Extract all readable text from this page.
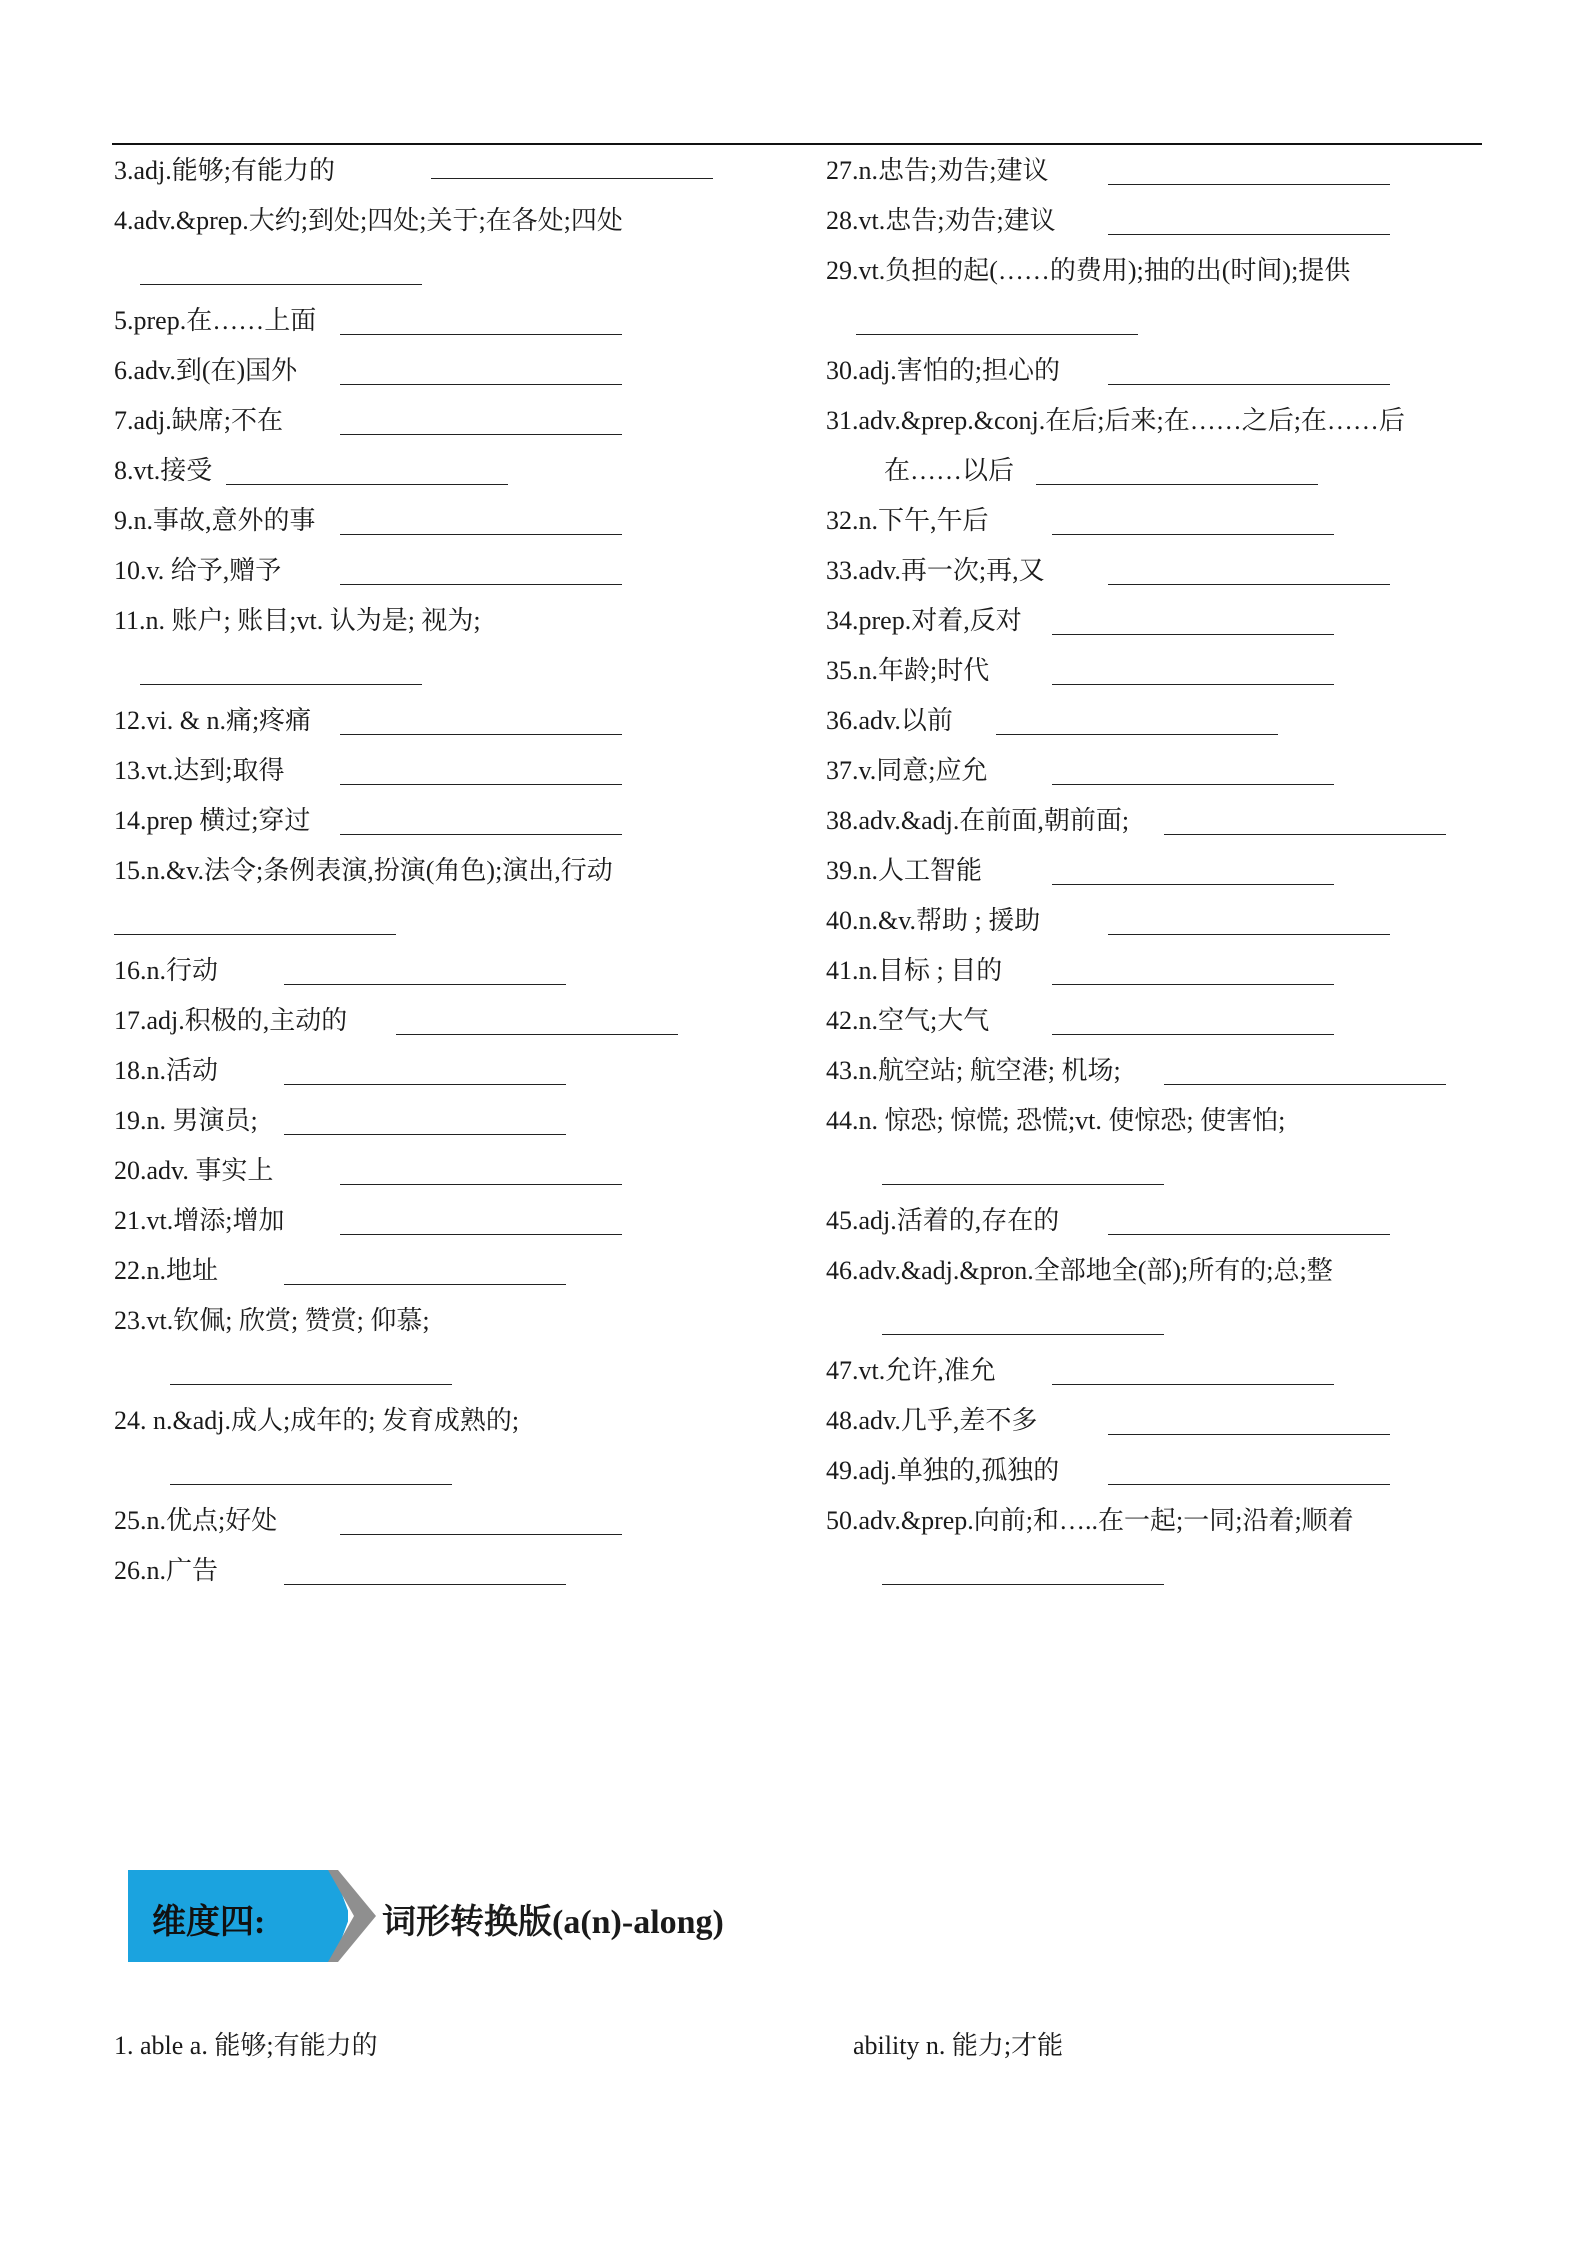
3.adj.能够;有能力的
4.adv.&prep.大约;到处;四处;关于;在各处;四处
5.prep.在……上面
6.adv.到(在)国外
7.adj.缺席;不在
8.vt.接受
9.n.事故,意外的事
10.v. 给予,赠予
11.n. 账户; 账目;vt. 认为是; 视为;
12.vi. & n.痛;疼痛
13.vt.达到;取得
14.prep 横过;穿过
15.n.&v.法令;条例表演,扮演(角色);演出,行动
16.n.行动
17.adj.积极的,主动的
18.n.活动
19.n. 男演员;
20.adv. 事实上
21.vt.增添;增加
22.n.地址
23.vt.钦佩; 欣赏; 赞赏; 仰慕;
24. n.&adj.成人;成年的; 发育成熟的;
25.n.优点;好处
26.n.广告
27.n.忠告;劝告;建议
28.vt.忠告;劝告;建议
29.vt.负担的起(……的费用);抽的出(时间);提供
30.adj.害怕的;担心的
31.adv.&prep.&conj.在后;后来;在……之后;在……后
在……以后
32.n.下午,午后
33.adv.再一次;再,又
34.prep.对着,反对
35.n.年龄;时代
36.adv.以前
37.v.同意;应允
38.adv.&adj.在前面,朝前面;
39.n.人工智能
40.n.&v.帮助 ; 援助
41.n.目标 ; 目的
42.n.空气;大气
43.n.航空站; 航空港; 机场;
44.n. 惊恐; 惊慌; 恐慌;vt. 使惊恐; 使害怕;
45.adj.活着的,存在的
46.adv.&adj.&pron.全部地全(部);所有的;总;整
47.vt.允许,准允
48.adv.几乎,差不多
49.adj.单独的,孤独的
50.adv.&prep.向前;和…..在一起;一同;沿着;顺着
维度四:	词形转换版(a(n)-along)
1. able a. 能够;有能力的	ability n. 能力;才能
